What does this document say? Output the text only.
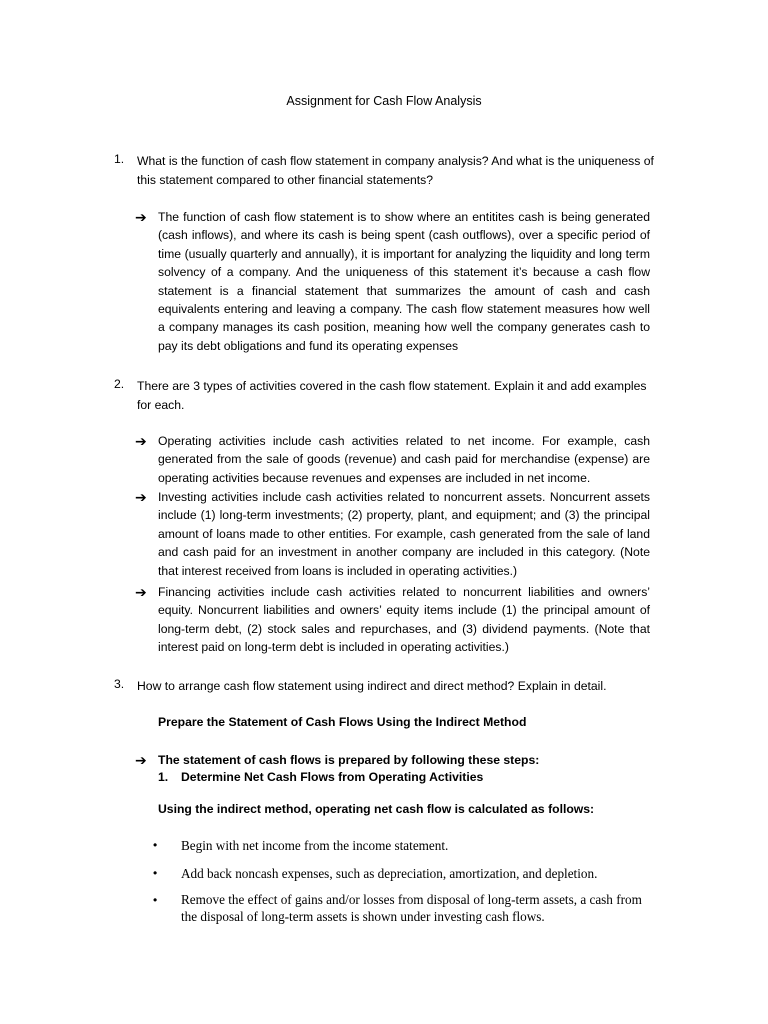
Assignment for Cash Flow Analysis
1. What is the function of cash flow statement in company analysis? And what is the uniqueness of this statement compared to other financial statements?
➔ The function of cash flow statement is to show where an entitites cash is being generated (cash inflows), and where its cash is being spent (cash outflows), over a specific period of time (usually quarterly and annually), it is important for analyzing the liquidity and long term solvency of a company. And the uniqueness of this statement it’s because a cash flow statement is a financial statement that summarizes the amount of cash and cash equivalents entering and leaving a company. The cash flow statement measures how well a company manages its cash position, meaning how well the company generates cash to pay its debt obligations and fund its operating expenses
2. There are 3 types of activities covered in the cash flow statement. Explain it and add examples for each.
➔ Operating activities include cash activities related to net income. For example, cash generated from the sale of goods (revenue) and cash paid for merchandise (expense) are operating activities because revenues and expenses are included in net income.
➔ Investing activities include cash activities related to noncurrent assets. Noncurrent assets include (1) long-term investments; (2) property, plant, and equipment; and (3) the principal amount of loans made to other entities. For example, cash generated from the sale of land and cash paid for an investment in another company are included in this category. (Note that interest received from loans is included in operating activities.)
➔ Financing activities include cash activities related to noncurrent liabilities and owners’ equity. Noncurrent liabilities and owners’ equity items include (1) the principal amount of long-term debt, (2) stock sales and repurchases, and (3) dividend payments. (Note that interest paid on long-term debt is included in operating activities.)
3. How to arrange cash flow statement using indirect and direct method? Explain in detail.
Prepare the Statement of Cash Flows Using the Indirect Method
➔ The statement of cash flows is prepared by following these steps:
1. Determine Net Cash Flows from Operating Activities
Using the indirect method, operating net cash flow is calculated as follows:
• Begin with net income from the income statement.
• Add back noncash expenses, such as depreciation, amortization, and depletion.
• Remove the effect of gains and/or losses from disposal of long-term assets, a cash from the disposal of long-term assets is shown under investing cash flows.
